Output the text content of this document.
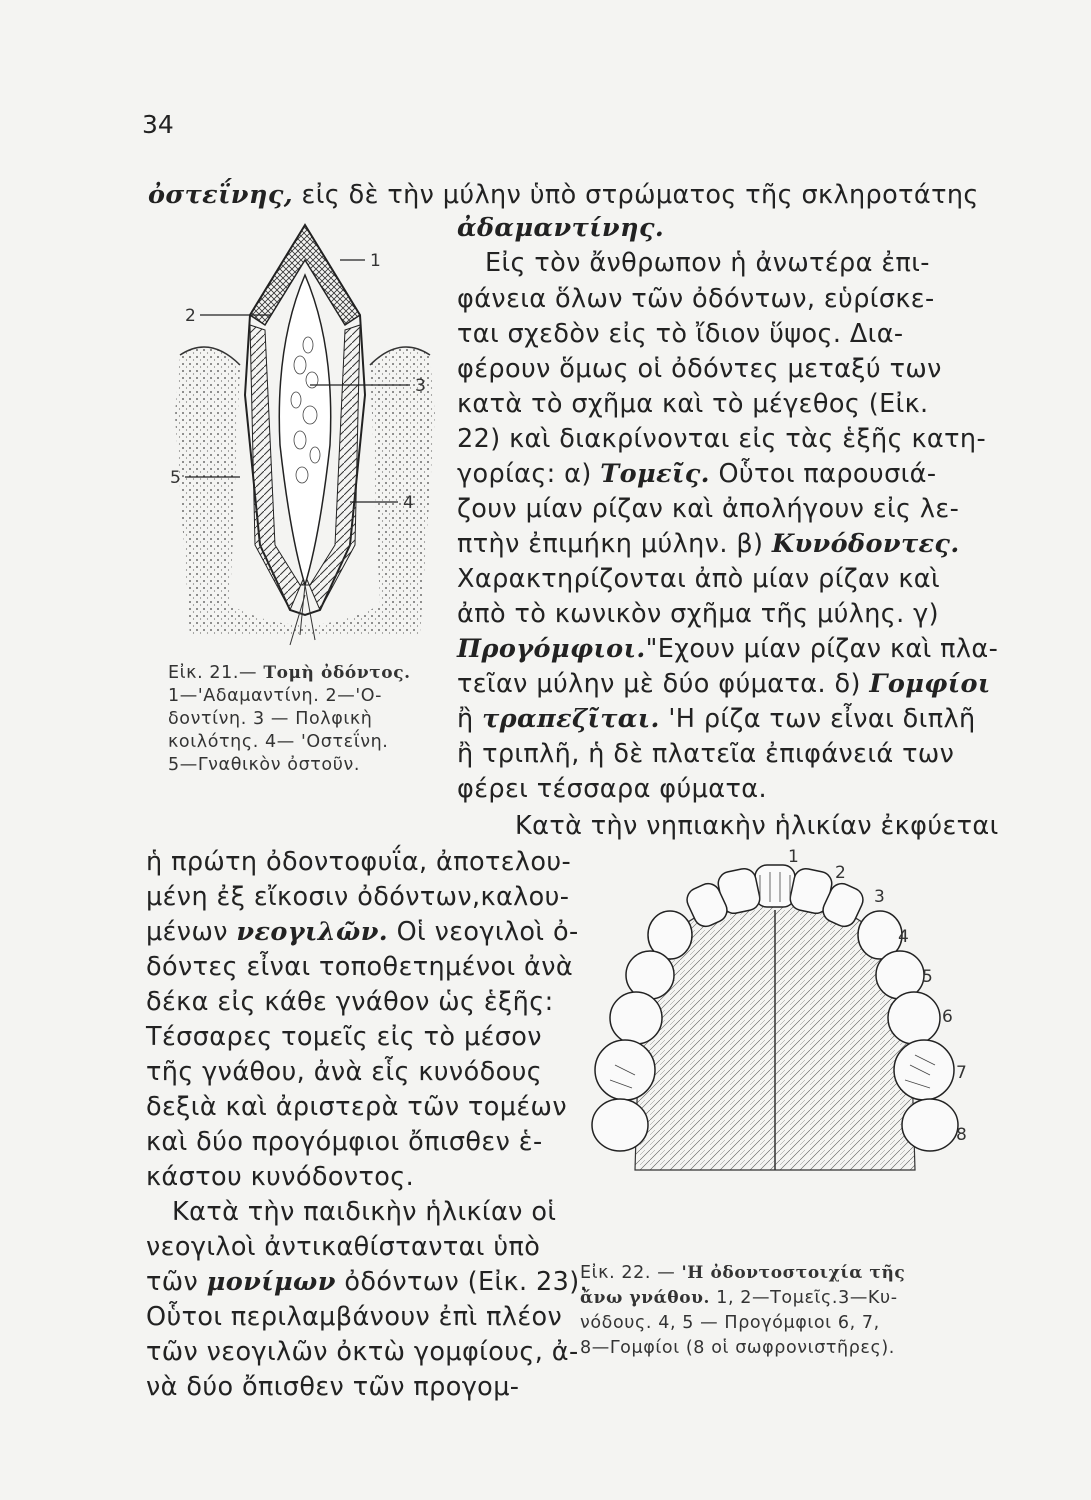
34
1
2
3
4
5
Εἰκ. 21.— Τομὴ ὀδόντος.
1—'Αδαμαντίνη. 2—'Ο-
δοντίνη. 3 — Πολφικὴ
κοιλότης. 4— 'Οστεΐνη.
5—Γναθικὸν ὀστοῦν.
1
2
3
4
5
6
7
8
Εἰκ. 22. — 'Η ὀδοντοστοιχία τῆς
ἄνω γνάθου. 1, 2—Τομεῖς.3—Κυ-
νόδους. 4, 5 — Προγόμφιοι 6, 7,
8—Γομφίοι (8 οἱ σωφρονιστῆρες).
ὀστεΐνης, εἰς δὲ τὴν μύλην ὑπὸ στρώματος τῆς σκληροτάτης
ἀδαμαντίνης.
Εἰς τὸν ἄνθρωπον ἡ ἀνωτέρα ἐπι-
φάνεια ὅλων τῶν ὀδόντων, εὑρίσκε-
ται σχεδὸν εἰς τὸ ἴδιον ὕψος. Δια-
φέρουν ὅμως οἱ ὀδόντες μεταξύ των
κατὰ τὸ σχῆμα καὶ τὸ μέγεθος (Εἰκ.
22) καὶ διακρίνονται εἰς τὰς ἑξῆς κατη-
γορίας: α) Τομεῖς. Οὗτοι παρουσιά-
ζουν μίαν ρίζαν καὶ ἀπολήγουν εἰς λε-
πτὴν ἐπιμήκη μύλην. β) Κυνόδοντες.
Χαρακτηρίζονται ἀπὸ μίαν ρίζαν καὶ
ἀπὸ τὸ κωνικὸν σχῆμα τῆς μύλης. γ)
Προγόμφιοι."Εχουν μίαν ρίζαν καὶ πλα-
τεῖαν μύλην μὲ δύο φύματα. δ) Γομφίοι
ἢ τραπεζῖται. 'Η ρίζα των εἶναι διπλῆ
ἢ τριπλῆ, ἡ δὲ πλατεῖα ἐπιφάνειά των
φέρει τέσσαρα φύματα.
Κατὰ τὴν νηπιακὴν ἡλικίαν ἐκφύεται
ἡ πρώτη ὀδοντοφυΐα, ἀποτελου-
μένη ἐξ εἴκοσιν ὀδόντων,καλου-
μένων νεογιλῶν. Οἱ νεογιλοὶ ὀ-
δόντες εἶναι τοποθετημένοι ἀνὰ
δέκα εἰς κάθε γνάθον ὡς ἑξῆς:
Τέσσαρες τομεῖς εἰς τὸ μέσον
τῆς γνάθου, ἀνὰ εἷς κυνόδους
δεξιὰ καὶ ἀριστερὰ τῶν τομέων
καὶ δύο προγόμφιοι ὄπισθεν ἑ-
κάστου κυνόδοντος.
Κατὰ τὴν παιδικὴν ἡλικίαν οἱ
νεογιλοὶ ἀντικαθίστανται ὑπὸ
τῶν μονίμων ὀδόντων (Εἰκ. 23).
Οὗτοι περιλαμβάνουν ἐπὶ πλέον
τῶν νεογιλῶν ὀκτὼ γομφίους, ἀ-
νὰ δύο ὄπισθεν τῶν προγομ-
